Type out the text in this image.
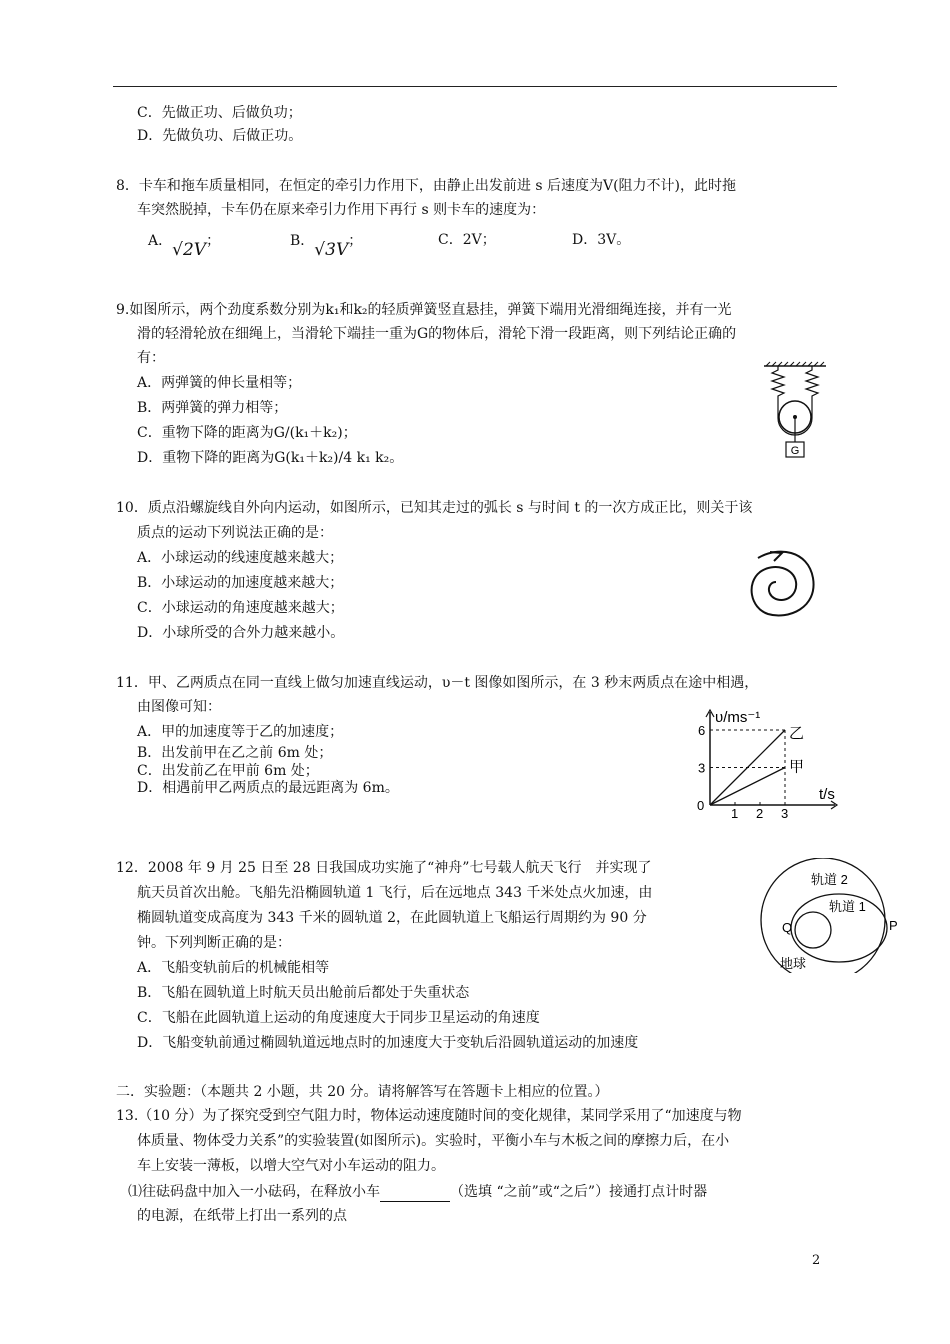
C．先做正功、后做负功；
D．先做负功、后做正功。
8．卡车和拖车质量相同，在恒定的牵引力作用下，由静止出发前进 s 后速度为V(阻力不计)，此时拖
车突然脱掉，卡车仍在原来牵引力作用下再行 s 则卡车的速度为：
A．√2V；	B．√3V；	C．2V；	D．3V。
9.如图所示，两个劲度系数分别为k₁和k₂的轻质弹簧竖直悬挂，弹簧下端用光滑细绳连接，并有一光
滑的轻滑轮放在细绳上，当滑轮下端挂一重为G的物体后，滑轮下滑一段距离，则下列结论正确的
有：
A．两弹簧的伸长量相等；
B．两弹簧的弹力相等；
C．重物下降的距离为G/(k₁＋k₂)；
D．重物下降的距离为G(k₁＋k₂)/4 k₁ k₂。	G
10．质点沿螺旋线自外向内运动，如图所示，已知其走过的弧长 s 与时间 t 的一次方成正比，则关于该
质点的运动下列说法正确的是：
A．小球运动的线速度越来越大；
B．小球运动的加速度越来越大；
C．小球运动的角速度越来越大；
D．小球所受的合外力越来越小。
11．甲、乙两质点在同一直线上做匀加速直线运动，υ－t 图像如图所示，在 3 秒末两质点在途中相遇，
由图像可知：
A．甲的加速度等于乙的加速度；
B．出发前甲在乙之前 6m 处；
C．出发前乙在甲前 6m 处；
D．相遇前甲乙两质点的最远距离为 6m。
υ/ms⁻¹
t/s
0
6
3
1 2 3
乙
甲
12．2008 年 9 月 25 日至 28 日我国成功实施了“神舟”七号载人航天飞行　并实现了
航天员首次出舱。飞船先沿椭圆轨道 1 飞行，后在远地点 343 千米处点火加速，由
椭圆轨道变成高度为 343 千米的圆轨道 2，在此圆轨道上飞船运行周期约为 90 分
钟。下列判断正确的是：
A．飞船变轨前后的机械能相等
B．飞船在圆轨道上时航天员出舱前后都处于失重状态
C．飞船在此圆轨道上运动的角度速度大于同步卫星运动的角速度
D．飞船变轨前通过椭圆轨道远地点时的加速度大于变轨后沿圆轨道运动的加速度
轨道 2
轨道 1
Q	P
地球
二．实验题：（本题共 2 小题，共 20 分。请将解答写在答题卡上相应的位置。）
13.（10 分）为了探究受到空气阻力时，物体运动速度随时间的变化规律，某同学采用了“加速度与物
体质量、物体受力关系”的实验装置(如图所示)。实验时，平衡小车与木板之间的摩擦力后，在小
车上安装一薄板，以增大空气对小车运动的阻力。
⑴往砝码盘中加入一小砝码，在释放小车	（选填 “之前”或“之后”）接通打点计时器
的电源，在纸带上打出一系列的点
2
